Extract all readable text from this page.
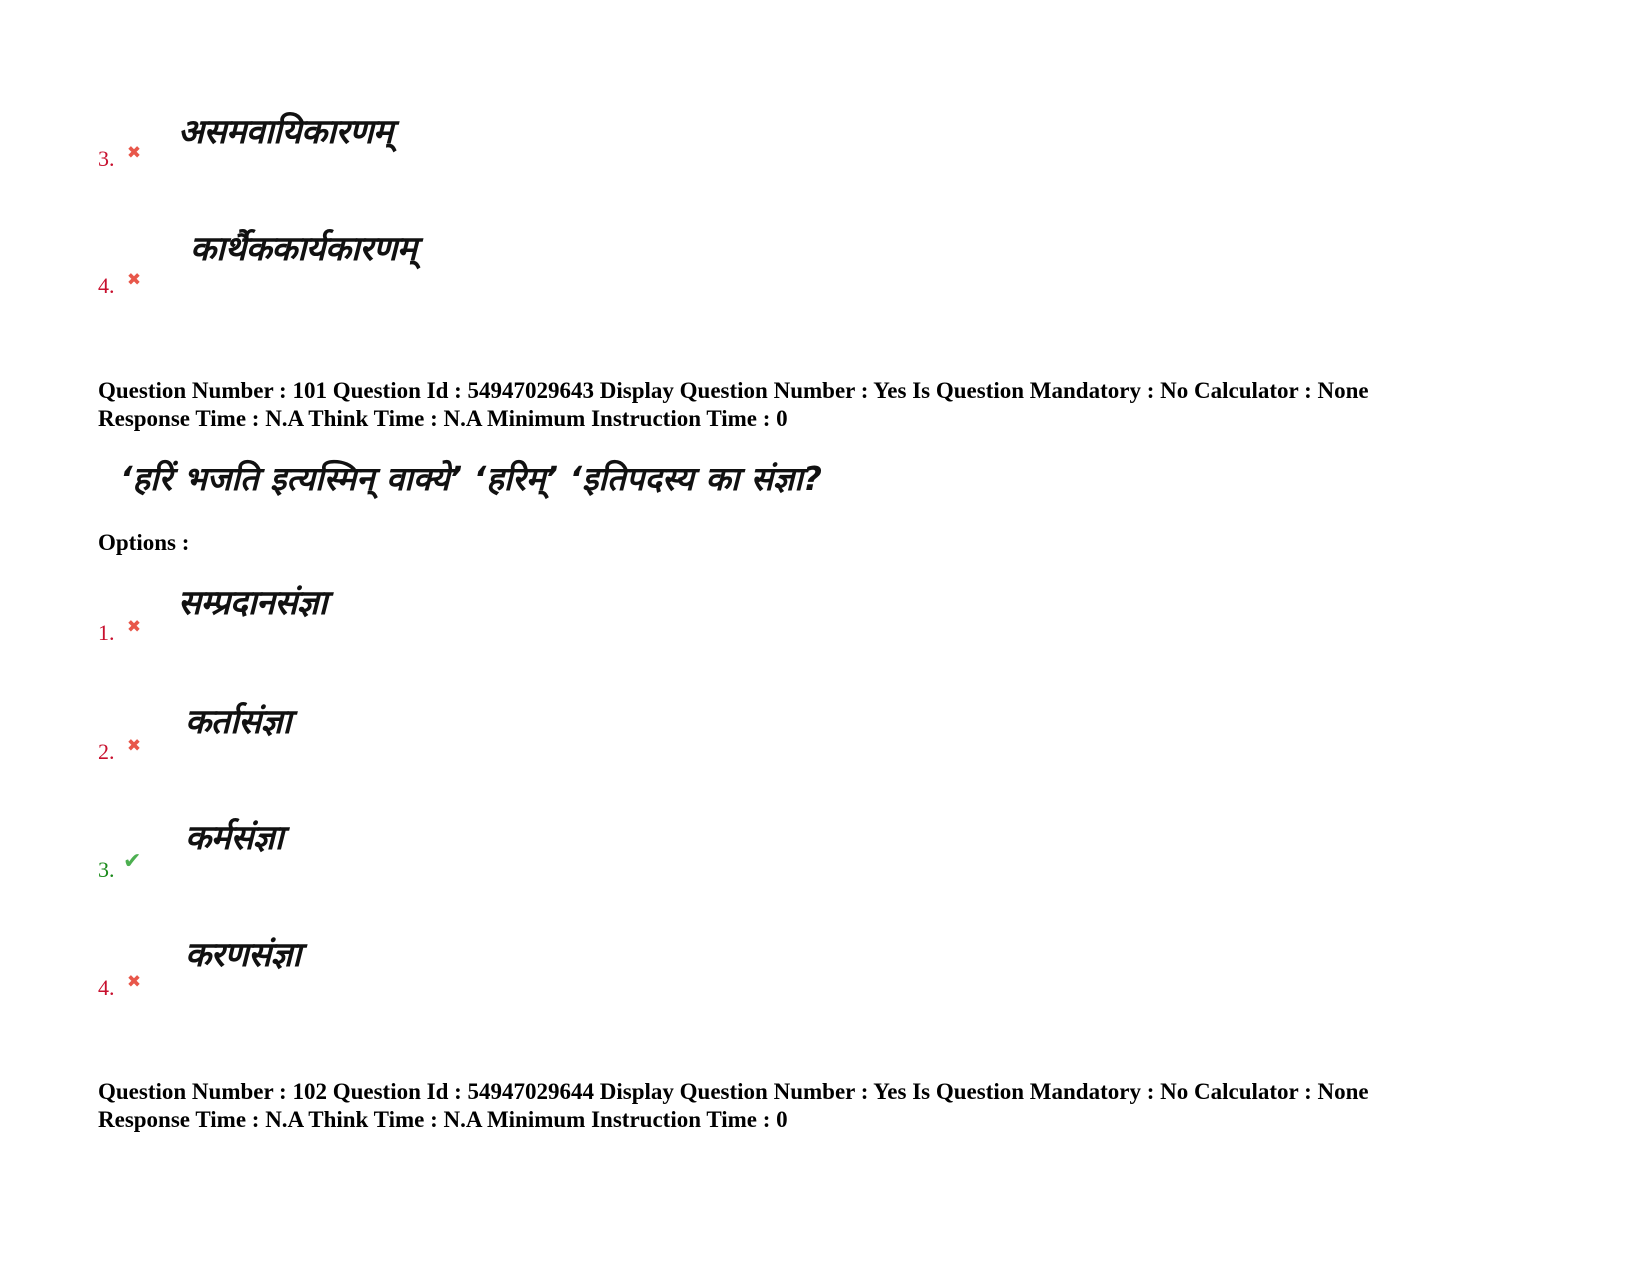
असमवायिकारणम्
3. ✖
कार्थैककार्यकारणम्
4. ✖
Question Number : 101 Question Id : 54947029643 Display Question Number : Yes Is Question Mandatory : No Calculator : None
Response Time : N.A Think Time : N.A Minimum Instruction Time : 0
‘हरिं भजति इत्यस्मिन् वाक्ये’ ‘हरिम्’ ‘इतिपदस्य का संज्ञा?
Options :
सम्प्रदानसंज्ञा
1. ✖
कर्तासंज्ञा
2. ✖
कर्मसंज्ञा
3. ✔
करणसंज्ञा
4. ✖
Question Number : 102 Question Id : 54947029644 Display Question Number : Yes Is Question Mandatory : No Calculator : None
Response Time : N.A Think Time : N.A Minimum Instruction Time : 0
